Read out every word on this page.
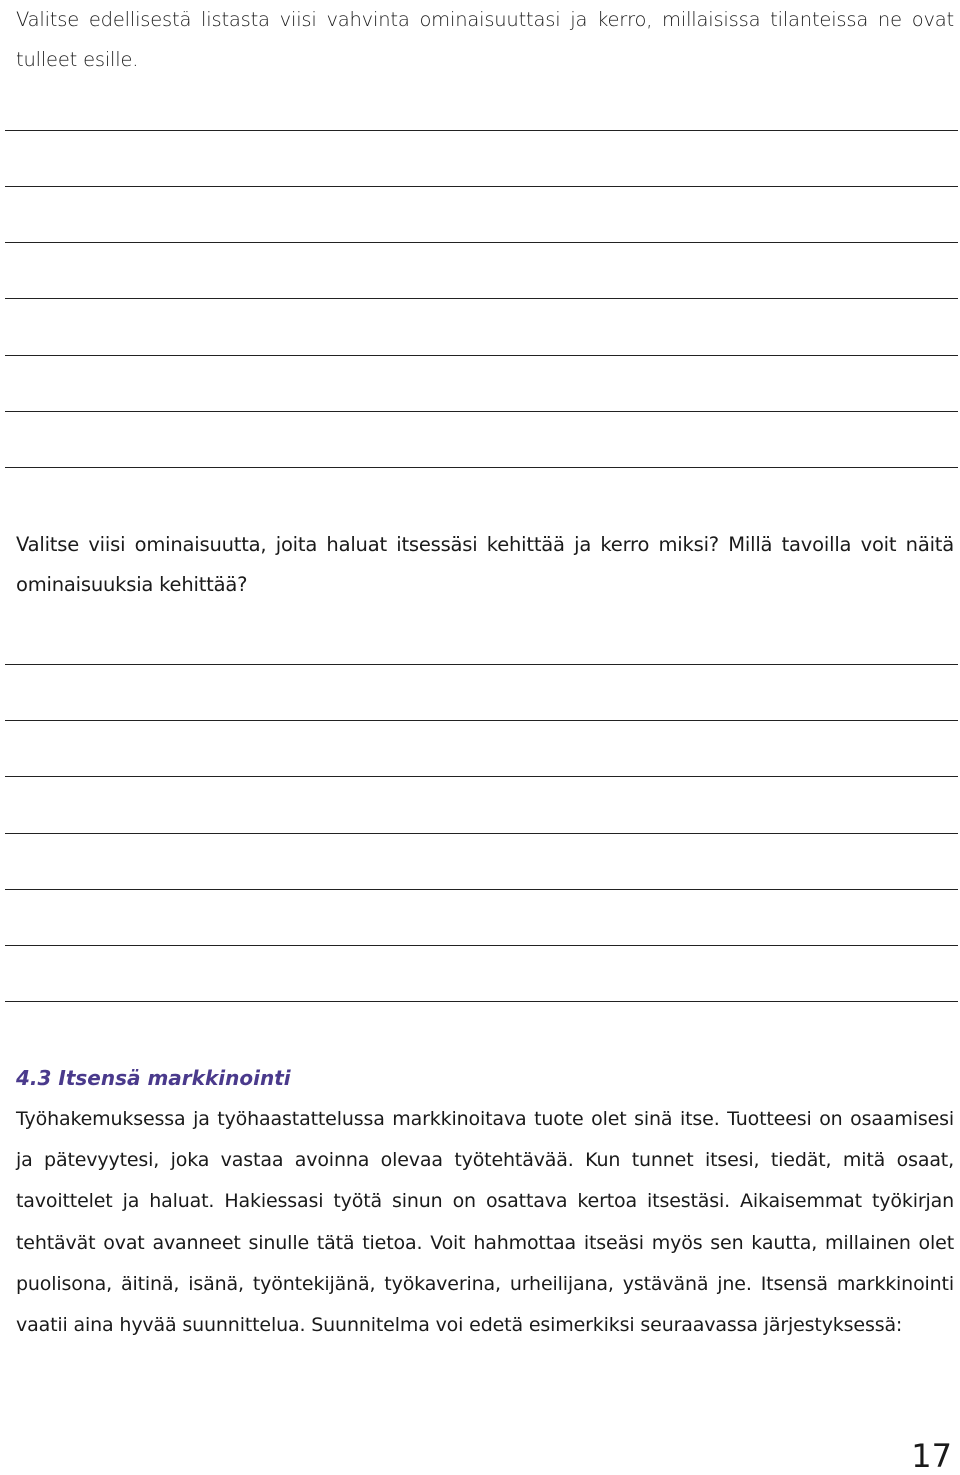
Valitse edellisestä listasta viisi vahvinta ominaisuuttasi ja kerro, millaisissa tilanteissa ne ovat tulleet esille.

Valitse viisi ominaisuutta, joita haluat itsessäsi kehittää ja kerro miksi? Millä tavoilla voit näitä ominaisuuksia kehittää?

4.3 Itsensä markkinointi

Työhakemuksessa ja työhaastattelussa markkinoitava tuote olet sinä itse. Tuotteesi on osaamisesi ja pätevyytesi, joka vastaa avoinna olevaa työtehtävää. Kun tunnet itsesi, tiedät, mitä osaat, tavoittelet ja haluat. Hakiessasi työtä sinun on osattava kertoa itsestäsi. Aikaisemmat työkirjan tehtävät ovat avanneet sinulle tätä tietoa. Voit hahmottaa itseäsi myös sen kautta, millainen olet puolisona, äitinä, isänä, työntekijänä, työkaverina, urheilijana, ystävänä jne. Itsensä markkinointi vaatii aina hyvää suunnittelua. Suunnitelma voi edetä esimerkiksi seuraavassa järjestyksessä:

17
